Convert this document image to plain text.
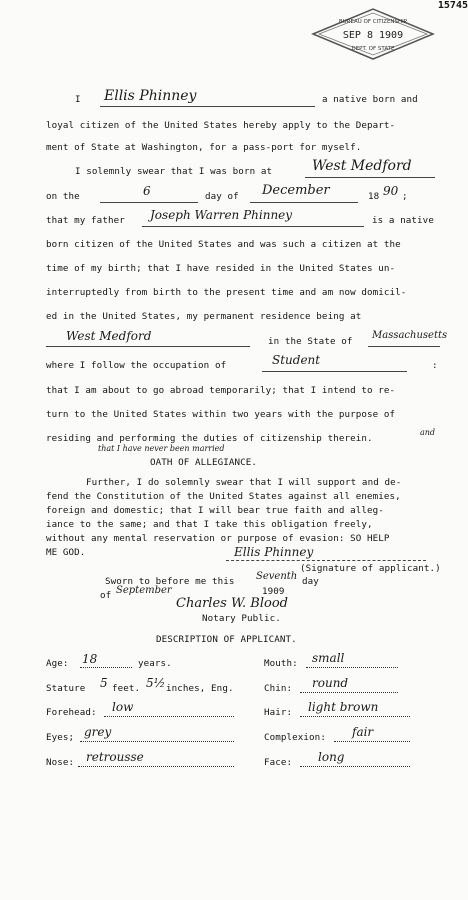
15745
BUREAU OF CITIZENSHIP
SEP 8 1909
DEPT. OF STATE
I Ellis Phinney	a native born and
loyal citizen of the United States hereby apply to the Depart-
ment of State at Washington, for a pass-port for myself.
I solemnly swear that I was born at	West Medford
on the	6	day of December	18 90 ;
that my father Joseph Warren Phinney	is a native
born citizen of the United States and was such a citizen at the
time of my birth; that I have resided in the United States un-
interruptedly from birth to the present time and am now domicil-
ed in the United States, my permanent residence being at
West Medford	in the State of
Massachusetts
where I follow the occupation of	Student	:
that I am about to go abroad temporarily; that I intend to re-
turn to the United States within two years with the purpose of
residing and performing the duties of citizenship therein.
and
that I have never been married
OATH OF ALLEGIANCE.
Further, I do solemnly swear that I will support and de-
fend the Constitution of the United States against all enemies,
foreign and domestic; that I will bear true faith and alleg-
iance to the same; and that I take this obligation freely,
without any mental reservation or purpose of evasion: SO HELP
ME GOD.	Ellis Phinney
(Signature of applicant.)
Sworn to before me this Seventh day
of September	1909
Charles W. Blood
Notary Public.
DESCRIPTION OF APPLICANT.
Age: 18	years.	Mouth: small
Stature 5 feet. 5½ inches, Eng.	Chin: round
Forehead: low	Hair: light brown
Eyes; grey	Complexion: fair
Nose: retrousse	Face: long
